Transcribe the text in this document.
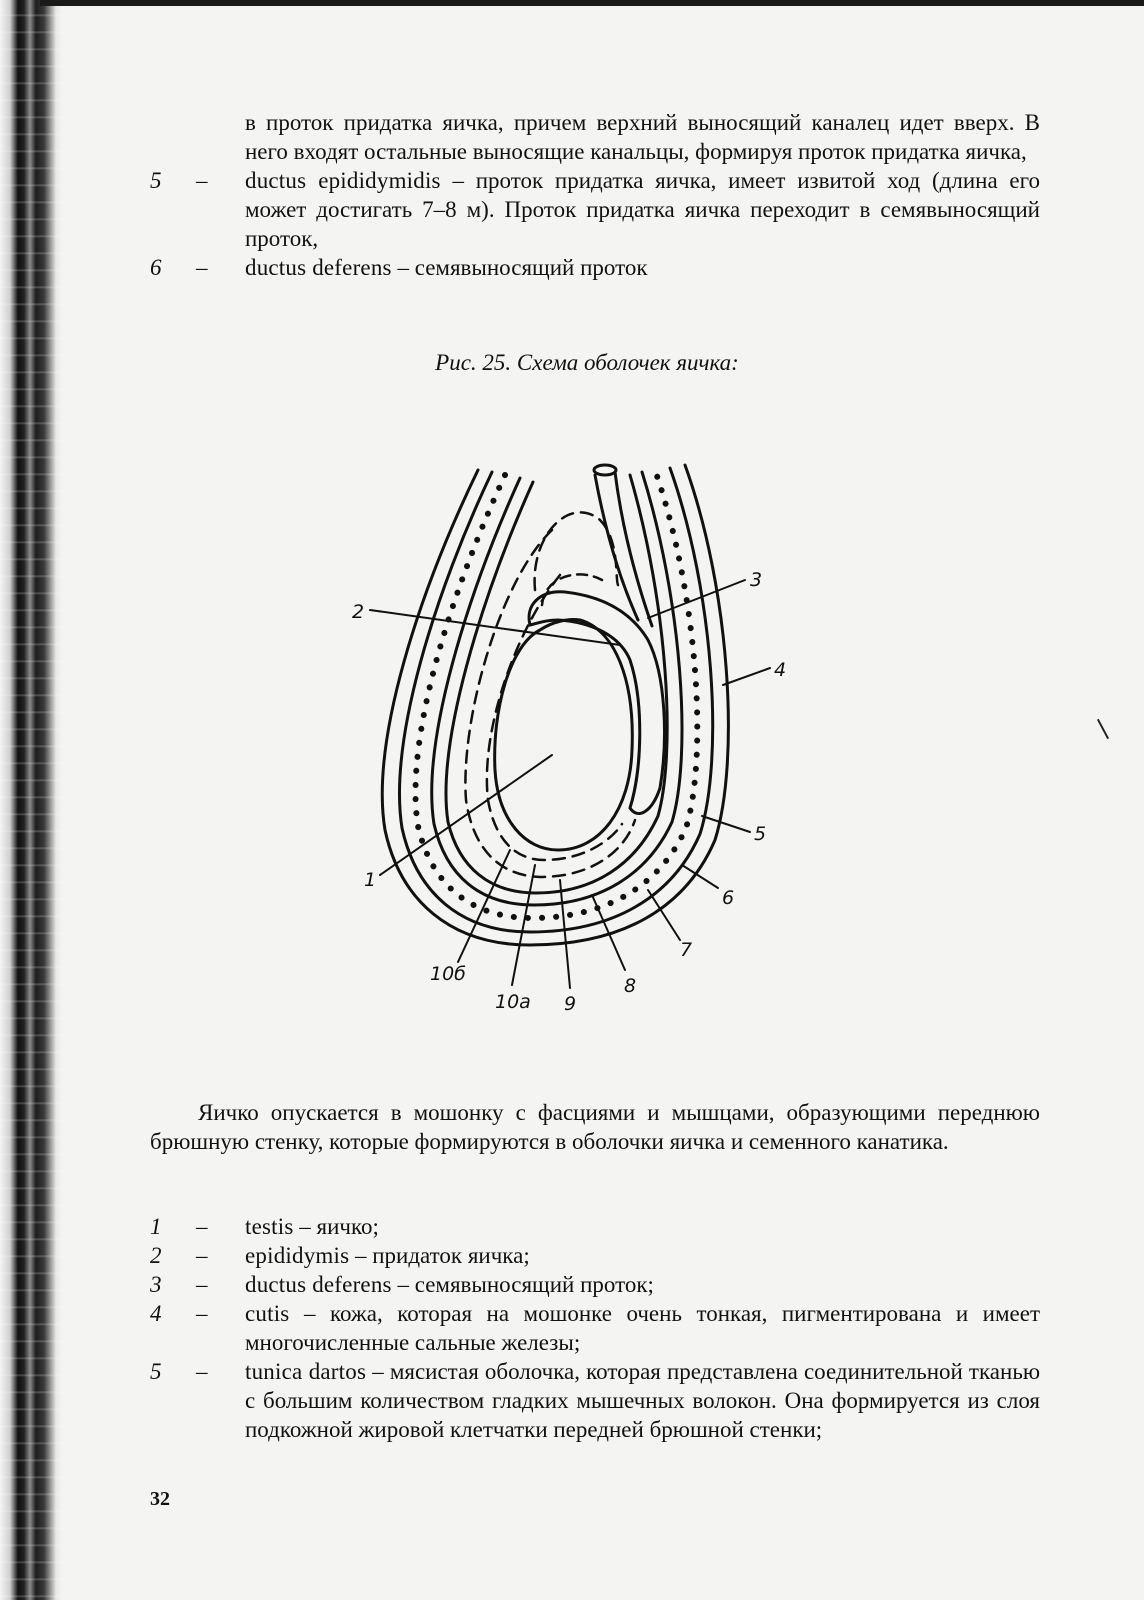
в проток придатка яичка, причем верхний выносящий каналец идет вверх. В него входят остальные выносящие канальцы, формируя проток придатка яичка,

5	–	ductus epididymidis – проток придатка яичка, имеет извитой ход (длина его может достигать 7–8 м). Проток придатка яичка переходит в семявыносящий проток,
6	–	ductus deferens – семявыносящий проток
Рис. 25. Схема оболочек яичка:
2
3
4
5
6
7
8
9
10а
10б
1

Яичко опускается в мошонку с фасциями и мышцами, образующими переднюю брюшную стенку, которые формируются в оболочки яичка и семенного канатика.

1	–	testis – яичко;
2	–	epididymis – придаток яичка;
3	–	ductus deferens – семявыносящий проток;
4	–	cutis – кожа, которая на мошонке очень тонкая, пигментирована и имеет многочисленные сальные железы;
5	–	tunica dartos – мясистая оболочка, которая представлена соединительной тканью с большим количеством гладких мышечных волокон. Она формируется из слоя подкожной жировой клетчатки передней брюшной стенки;
32
